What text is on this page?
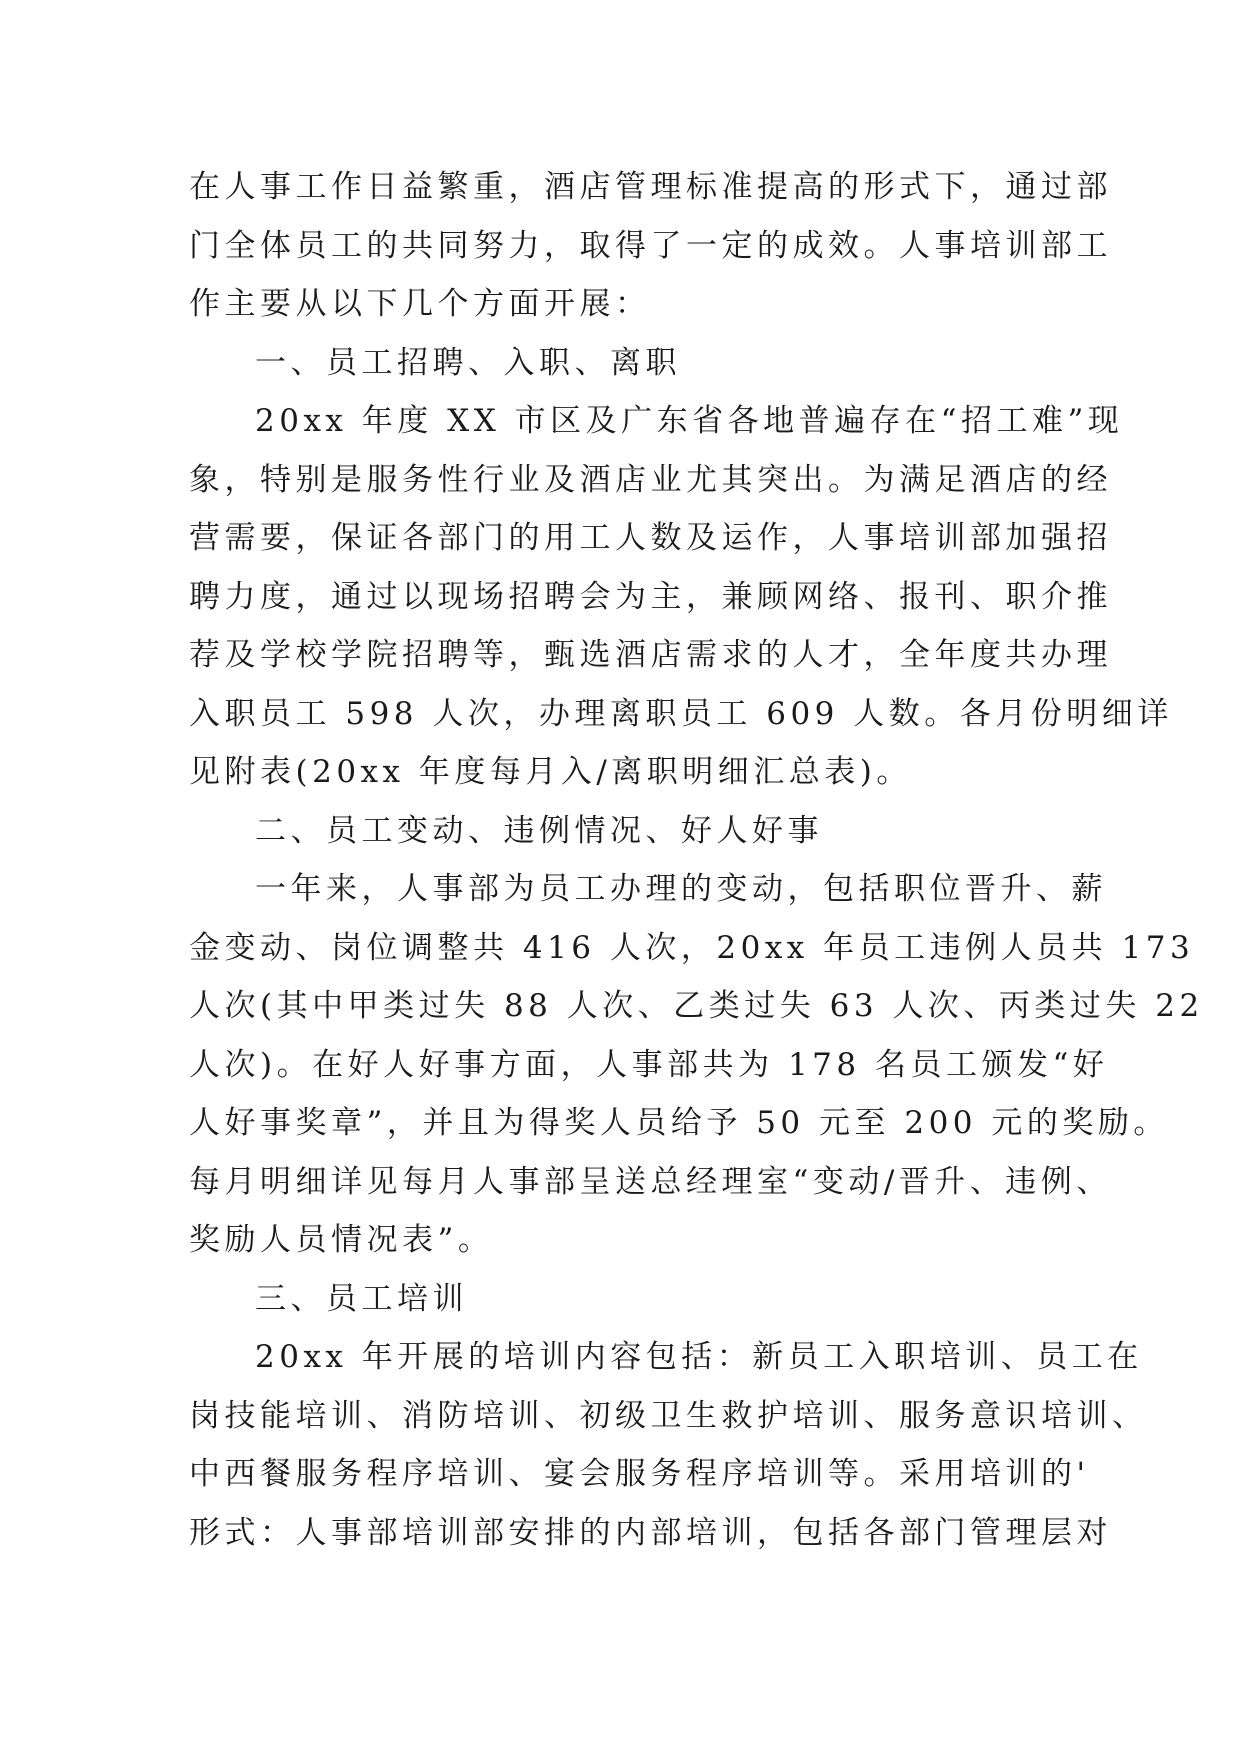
在人事工作日益繁重，酒店管理标准提高的形式下，通过部
门全体员工的共同努力，取得了一定的成效。人事培训部工
作主要从以下几个方面开展：
一、员工招聘、入职、离职
20xx 年度 XX 市区及广东省各地普遍存在“招工难”现
象，特别是服务性行业及酒店业尤其突出。为满足酒店的经
营需要，保证各部门的用工人数及运作，人事培训部加强招
聘力度，通过以现场招聘会为主，兼顾网络、报刊、职介推
荐及学校学院招聘等，甄选酒店需求的人才，全年度共办理
入职员工 598 人次，办理离职员工 609 人数。各月份明细详
见附表(20xx 年度每月入/离职明细汇总表)。
二、员工变动、违例情况、好人好事
一年来，人事部为员工办理的变动，包括职位晋升、薪
金变动、岗位调整共 416 人次，20xx 年员工违例人员共 173
人次(其中甲类过失 88 人次、乙类过失 63 人次、丙类过失 22
人次)。在好人好事方面，人事部共为 178 名员工颁发“好
人好事奖章”，并且为得奖人员给予 50 元至 200 元的奖励。
每月明细详见每月人事部呈送总经理室“变动/晋升、违例、
奖励人员情况表”。
三、员工培训
20xx 年开展的培训内容包括：新员工入职培训、员工在
岗技能培训、消防培训、初级卫生救护培训、服务意识培训、
中西餐服务程序培训、宴会服务程序培训等。采用培训的'
形式：人事部培训部安排的内部培训，包括各部门管理层对
